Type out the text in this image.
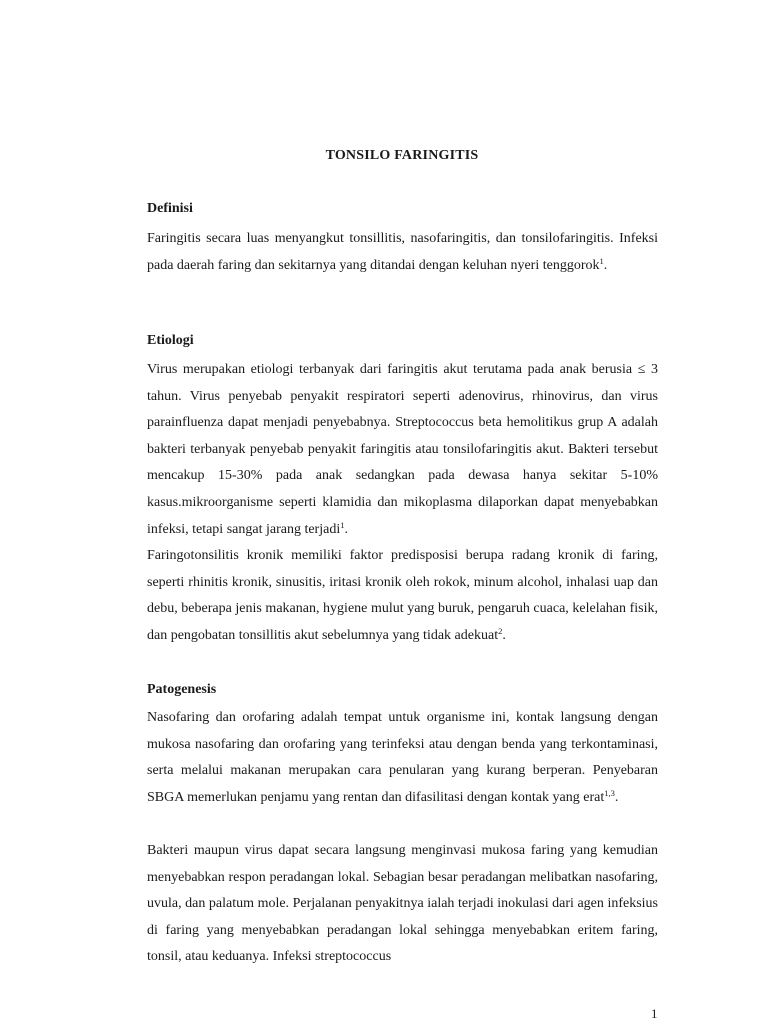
TONSILO FARINGITIS
Definisi

Faringitis secara luas menyangkut tonsillitis, nasofaringitis, dan tonsilofaringitis. Infeksi pada daerah faring dan sekitarnya yang ditandai dengan keluhan nyeri tenggorok$^1$.

Etiologi

Virus merupakan etiologi terbanyak dari faringitis akut terutama pada anak berusia ≤ 3 tahun. Virus penyebab penyakit respiratori seperti adenovirus, rhinovirus, dan virus parainfluenza dapat menjadi penyebabnya. Streptococcus beta hemolitikus grup A adalah bakteri terbanyak penyebab penyakit faringitis atau tonsilofaringitis akut. Bakteri tersebut mencakup 15-30% pada anak sedangkan pada dewasa hanya sekitar 5-10% kasus.mikroorganisme seperti klamidia dan mikoplasma dilaporkan dapat menyebabkan infeksi, tetapi sangat jarang terjadi$^1$.

Faringotonsilitis kronik memiliki faktor predisposisi berupa radang kronik di faring, seperti rhinitis kronik, sinusitis, iritasi kronik oleh rokok, minum alcohol, inhalasi uap dan debu, beberapa jenis makanan, hygiene mulut yang buruk, pengaruh cuaca, kelelahan fisik, dan pengobatan tonsillitis akut sebelumnya yang tidak adekuat$^2$.

Patogenesis

Nasofaring dan orofaring adalah tempat untuk organisme ini, kontak langsung dengan mukosa nasofaring dan orofaring yang terinfeksi atau dengan benda yang terkontaminasi, serta melalui makanan merupakan cara penularan yang kurang berperan. Penyebaran SBGA memerlukan penjamu yang rentan dan difasilitasi dengan kontak yang erat$^{1,3}$.

Bakteri maupun virus dapat secara langsung menginvasi mukosa faring yang kemudian menyebabkan respon peradangan lokal. Sebagian besar peradangan melibatkan nasofaring, uvula, dan palatum mole. Perjalanan penyakitnya ialah terjadi inokulasi dari agen infeksius di faring yang menyebabkan peradangan lokal sehingga menyebabkan eritem faring, tonsil, atau keduanya. Infeksi streptococcus

1
